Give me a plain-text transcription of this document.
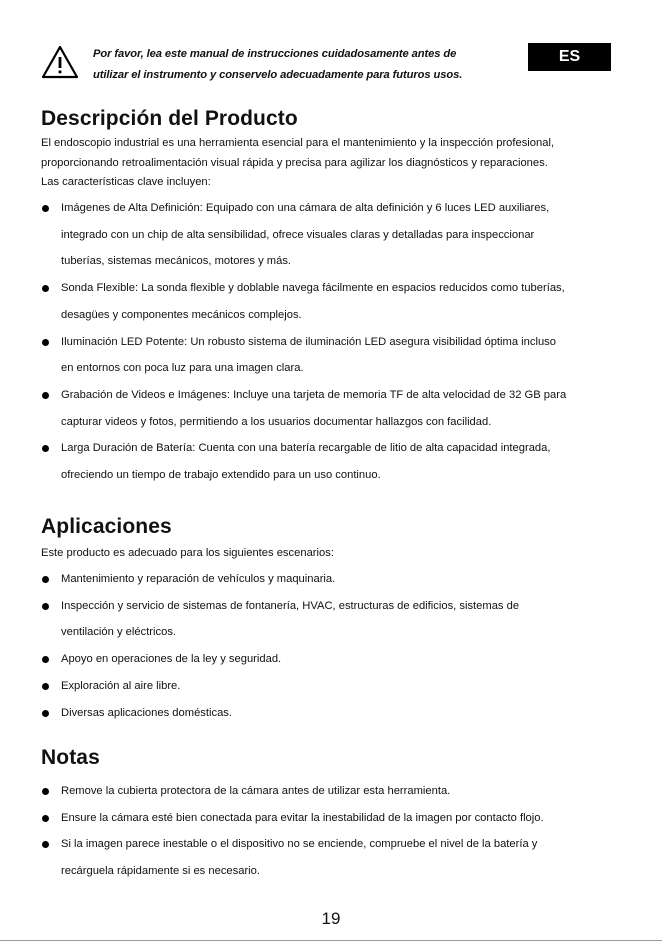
Por favor, lea este manual de instrucciones cuidadosamente antes de
utilizar el instrumento y conservelo adecuadamente para futuros usos.
ES
Descripción del Producto
El endoscopio industrial es una herramienta esencial para el mantenimiento y la inspección profesional,
proporcionando retroalimentación visual rápida y precisa para agilizar los diagnósticos y reparaciones.
Las características clave incluyen:
Imágenes de Alta Definición: Equipado con una cámara de alta definición y 6 luces LED auxiliares,
integrado con un chip de alta sensibilidad, ofrece visuales claras y detalladas para inspeccionar
tuberías, sistemas mecánicos, motores y más.
Sonda Flexible: La sonda flexible y doblable navega fácilmente en espacios reducidos como tuberías,
desagües y componentes mecánicos complejos.
Iluminación LED Potente: Un robusto sistema de iluminación LED asegura visibilidad óptima incluso
en entornos con poca luz para una imagen clara.
Grabación de Videos e Imágenes: Incluye una tarjeta de memoria TF de alta velocidad de 32 GB para
capturar videos y fotos, permitiendo a los usuarios documentar hallazgos con facilidad.
Larga Duración de Batería: Cuenta con una batería recargable de litio de alta capacidad integrada,
ofreciendo un tiempo de trabajo extendido para un uso continuo.
Aplicaciones
Este producto es adecuado para los siguientes escenarios:
Mantenimiento y reparación de vehículos y maquinaria.
Inspección y servicio de sistemas de fontanería, HVAC, estructuras de edificios, sistemas de
ventilación y eléctricos.
Apoyo en operaciones de la ley y seguridad.
Exploración al aire libre.
Diversas aplicaciones domésticas.
Notas
Remove la cubierta protectora de la cámara antes de utilizar esta herramienta.
Ensure la cámara esté bien conectada para evitar la inestabilidad de la imagen por contacto flojo.
Si la imagen parece inestable o el dispositivo no se enciende, compruebe el nivel de la batería y
recárguela rápidamente si es necesario.
19
